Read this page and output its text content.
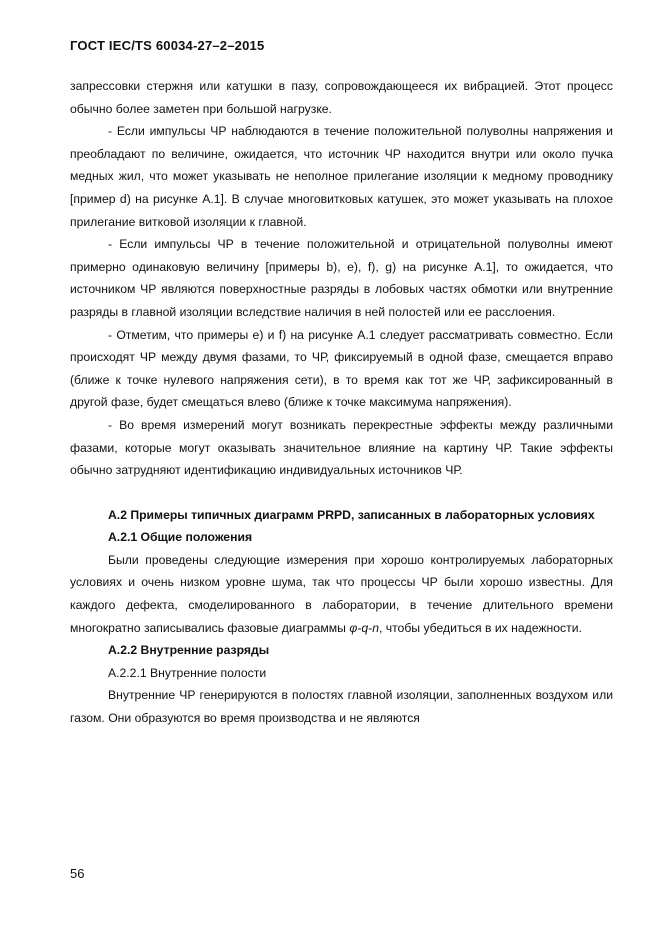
ГОСТ IEC/TS 60034-27–2–2015

запрессовки стержня или катушки в пазу, сопровождающееся их вибрацией. Этот процесс обычно более заметен при большой нагрузке.

- Если импульсы ЧР наблюдаются в течение положительной полуволны напряжения и преобладают по величине, ожидается, что источник ЧР находится внутри или около пучка медных жил, что может указывать не неполное прилегание изоляции к медному проводнику [пример d) на рисунке A.1]. В случае многовитковых катушек, это может указывать на плохое прилегание витковой изоляции к главной.

- Если импульсы ЧР в течение положительной и отрицательной полуволны имеют примерно одинаковую величину [примеры b), e), f), g) на рисунке A.1], то ожидается, что источником ЧР являются поверхностные разряды в лобовых частях обмотки или внутренние разряды в главной изоляции вследствие наличия в ней полостей или ее расслоения.

- Отметим, что примеры e) и f) на рисунке A.1 следует рассматривать совместно. Если происходят ЧР между двумя фазами, то ЧР, фиксируемый в одной фазе, смещается вправо (ближе к точке нулевого напряжения сети), в то время как тот же ЧР, зафиксированный в другой фазе, будет смещаться влево (ближе к точке максимума напряжения).

- Во время измерений могут возникать перекрестные эффекты между различными фазами, которые могут оказывать значительное влияние на картину ЧР. Такие эффекты обычно затрудняют идентификацию индивидуальных источников ЧР.

A.2 Примеры типичных диаграмм PRPD, записанных в лабораторных условиях

A.2.1 Общие положения

Были проведены следующие измерения при хорошо контролируемых лабораторных условиях и очень низком уровне шума, так что процессы ЧР были хорошо известны. Для каждого дефекта, смоделированного в лаборатории, в течение длительного времени многократно записывались фазовые диаграммы φ-q-n, чтобы убедиться в их надежности.

A.2.2 Внутренние разряды

A.2.2.1 Внутренние полости

Внутренние ЧР генерируются в полостях главной изоляции, заполненных воздухом или газом. Они образуются во время производства и не являются

56
